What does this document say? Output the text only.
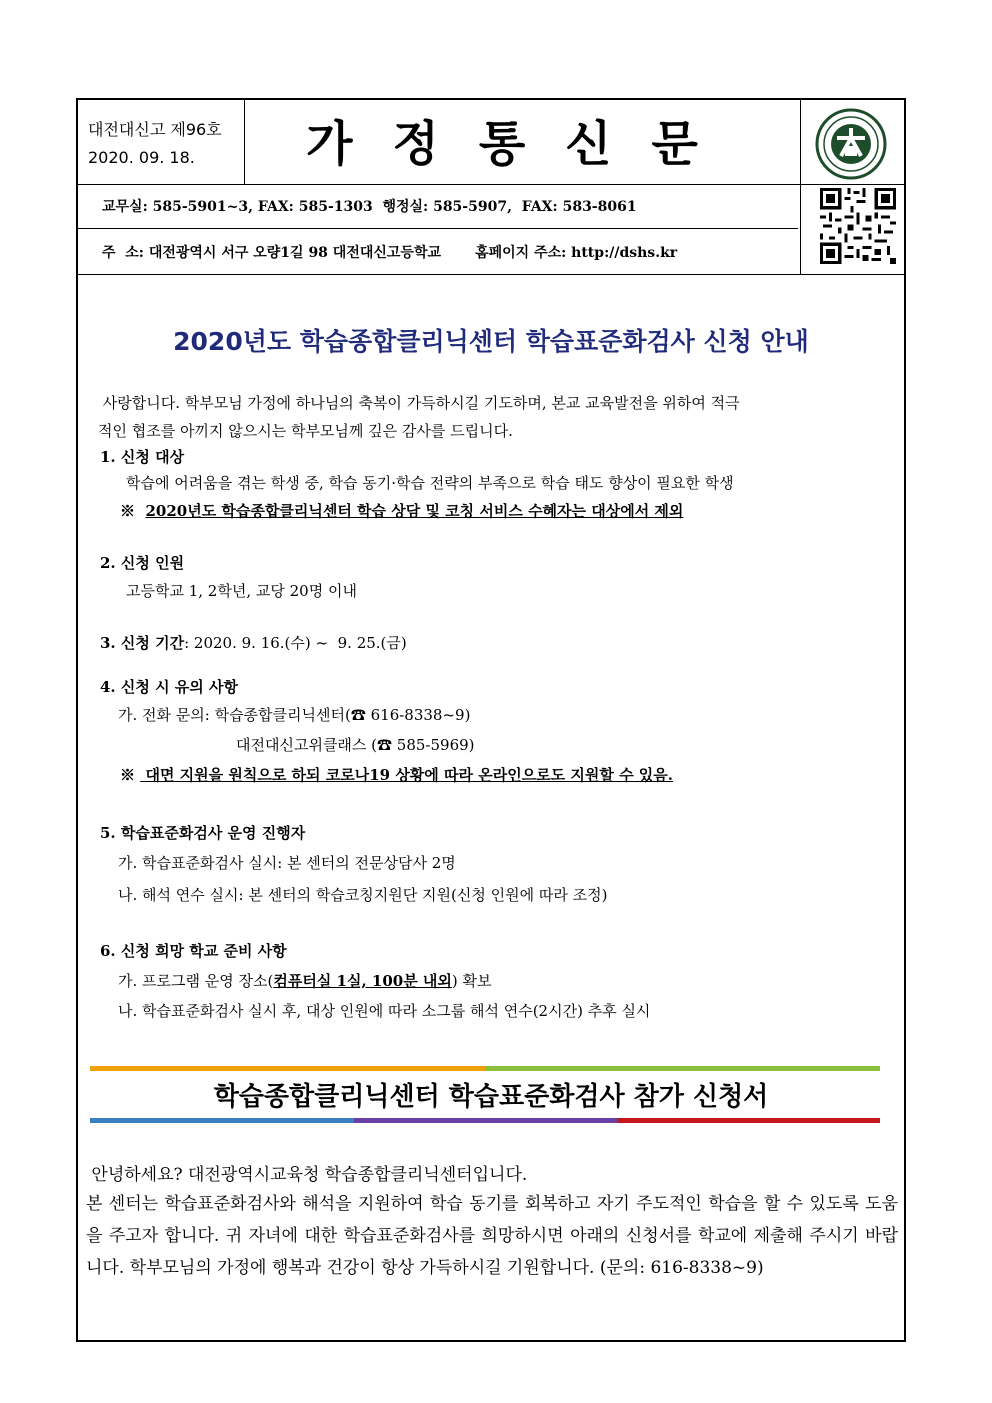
대전대신고 제96호
2020. 09. 18.	가정통신문
교무실: 585-5901~3, FAX: 585-1303  행정실: 585-5907,  FAX: 583-8061
주  소: 대전광역시 서구 오량1길 98 대전대신고등학교       홈페이지 주소: http://dshs.kr
2020년도 학습종합클리닉센터 학습표준화검사 신청 안내
사랑합니다. 학부모님 가정에 하나님의 축복이 가득하시길 기도하며, 본교 교육발전을 위하여 적극
적인 협조를 아끼지 않으시는 학부모님께 깊은 감사를 드립니다.
1. 신청 대상
학습에 어려움을 겪는 학생 중, 학습 동기·학습 전략의 부족으로 학습 태도 향상이 필요한 학생
※ 2020년도 학습종합클리닉센터 학습 상담 및 코칭 서비스 수혜자는 대상에서 제외
2. 신청 인원
고등학교 1, 2학년, 교당 20명 이내
3. 신청 기간: 2020. 9. 16.(수) ~  9. 25.(금)
4. 신청 시 유의 사항
가. 전화 문의: 학습종합클리닉센터(☎ 616-8338~9)
대전대신고위클래스 (☎ 585-5969)
※  대면 지원을 원칙으로 하되 코로나19 상황에 따라 온라인으로도 지원할 수 있음.
5. 학습표준화검사 운영 진행자
가. 학습표준화검사 실시: 본 센터의 전문상담사 2명
나. 해석 연수 실시: 본 센터의 학습코칭지원단 지원(신청 인원에 따라 조정)
6. 신청 희망 학교 준비 사항
가. 프로그램 운영 장소(컴퓨터실 1실, 100분 내외) 확보
나. 학습표준화검사 실시 후, 대상 인원에 따라 소그룹 해석 연수(2시간) 추후 실시
학습종합클리닉센터 학습표준화검사 참가 신청서
안녕하세요? 대전광역시교육청 학습종합클리닉센터입니다.
본 센터는 학습표준화검사와 해석을 지원하여 학습 동기를 회복하고 자기 주도적인 학습을 할 수 있도록 도움을 주고자 합니다. 귀 자녀에 대한 학습표준화검사를 희망하시면 아래의 신청서를 학교에 제출해 주시기 바랍니다. 학부모님의 가정에 행복과 건강이 항상 가득하시길 기원합니다. (문의: 616-8338~9)
